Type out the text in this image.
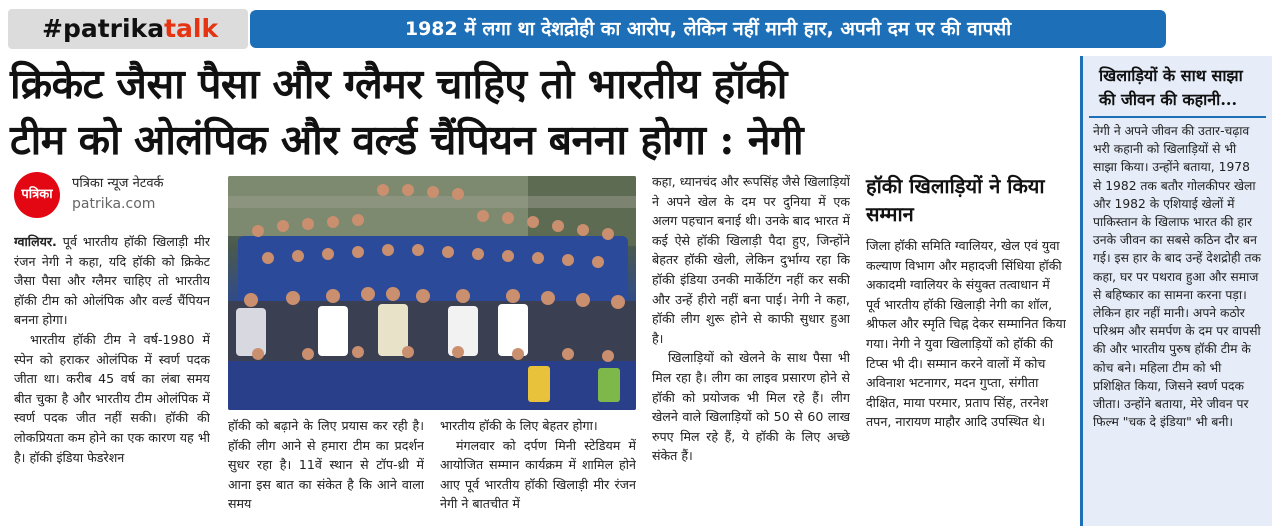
#patrikatalk	1982 में लगा था देशद्रोही का आरोप, लेकिन नहीं मानी हार, अपनी दम पर की वापसी
क्रिकेट जैसा पैसा और ग्लैमर चाहिए तो भारतीय हॉकी
टीम को ओलंपिक और वर्ल्ड चैंपियन बनना होगा : नेगी
पत्रिका
पत्रिका न्यूज नेटवर्क
patrika.com

ग्वालियर. पूर्व भारतीय हॉकी खिलाड़ी मीर रंजन नेगी ने कहा, यदि हॉकी को क्रिकेट जैसा पैसा और ग्लैमर चाहिए तो भारतीय हॉकी टीम को ओलंपिक और वर्ल्ड चैंपियन बनना होगा।

भारतीय हॉकी टीम ने वर्ष-1980 में स्पेन को हराकर ओलंपिक में स्वर्ण पदक जीता था। करीब 45 वर्ष का लंबा समय बीत चुका है और भारतीय टीम ओलंपिक में स्वर्ण पदक जीत नहीं सकी। हॉकी की लोकप्रियता कम होने का एक कारण यह भी है। हॉकी इंडिया फेडरेशन

हॉकी को बढ़ाने के लिए प्रयास कर रही है। हॉकी लीग आने से हमारा टीम का प्रदर्शन सुधर रहा है। 11वें स्थान से टॉप-थ्री में आना इस बात का संकेत है कि आने वाला समय

भारतीय हॉकी के लिए बेहतर होगा।

मंगलवार को दर्पण मिनी स्टेडियम में आयोजित सम्मान कार्यक्रम में शामिल होने आए पूर्व भारतीय हॉकी खिलाड़ी मीर रंजन नेगी ने बातचीत में

कहा, ध्यानचंद और रूपसिंह जैसे खिलाड़ियों ने अपने खेल के दम पर दुनिया में एक अलग पहचान बनाई थी। उनके बाद भारत में कई ऐसे हॉकी खिलाड़ी पैदा हुए, जिन्होंने बेहतर हॉकी खेली, लेकिन दुर्भाग्य रहा कि हॉकी इंडिया उनकी मार्केटिंग नहीं कर सकी और उन्हें हीरो नहीं बना पाई। नेगी ने कहा, हॉकी लीग शुरू होने से काफी सुधार हुआ है।

खिलाड़ियों को खेलने के साथ पैसा भी मिल रहा है। लीग का लाइव प्रसारण होने से हॉकी को प्रयोजक भी मिल रहे हैं। लीग खेलने वाले खिलाड़ियों को 50 से 60 लाख रुपए मिल रहे हैं, ये हॉकी के लिए अच्छे संकेत हैं।

हॉकी खिलाड़ियों ने किया सम्मान

जिला हॉकी समिति ग्वालियर, खेल एवं युवा कल्याण विभाग और महादजी सिंधिया हॉकी अकादमी ग्वालियर के संयुक्त तत्वाधान में पूर्व भारतीय हॉकी खिलाड़ी नेगी का शॉल, श्रीफल और स्मृति चिह्न देकर सम्मानित किया गया। नेगी ने युवा खिलाड़ियों को हॉकी की टिप्स भी दी। सम्मान करने वालों में कोच अविनाश भटनागर, मदन गुप्ता, संगीता दीक्षित, माया परमार, प्रताप सिंह, तरनेश तपन, नारायण माहौर आदि उपस्थित थे।

खिलाड़ियों के साथ साझा की जीवन की कहानी...
नेगी ने अपने जीवन की उतार-चढ़ाव भरी कहानी को खिलाड़ियों से भी साझा किया। उन्होंने बताया, 1978 से 1982 तक बतौर गोलकीपर खेला और 1982 के एशियाई खेलों में पाकिस्तान के खिलाफ भारत की हार उनके जीवन का सबसे कठिन दौर बन गई। इस हार के बाद उन्हें देशद्रोही तक कहा, घर पर पथराव हुआ और समाज से बहिष्कार का सामना करना पड़ा। लेकिन हार नहीं मानी। अपने कठोर परिश्रम और समर्पण के दम पर वापसी की और भारतीय पुरुष हॉकी टीम के कोच बने। महिला टीम को भी प्रशिक्षित किया, जिसने स्वर्ण पदक जीता। उन्होंने बताया, मेरे जीवन पर फिल्म "चक दे इंडिया" भी बनी।
